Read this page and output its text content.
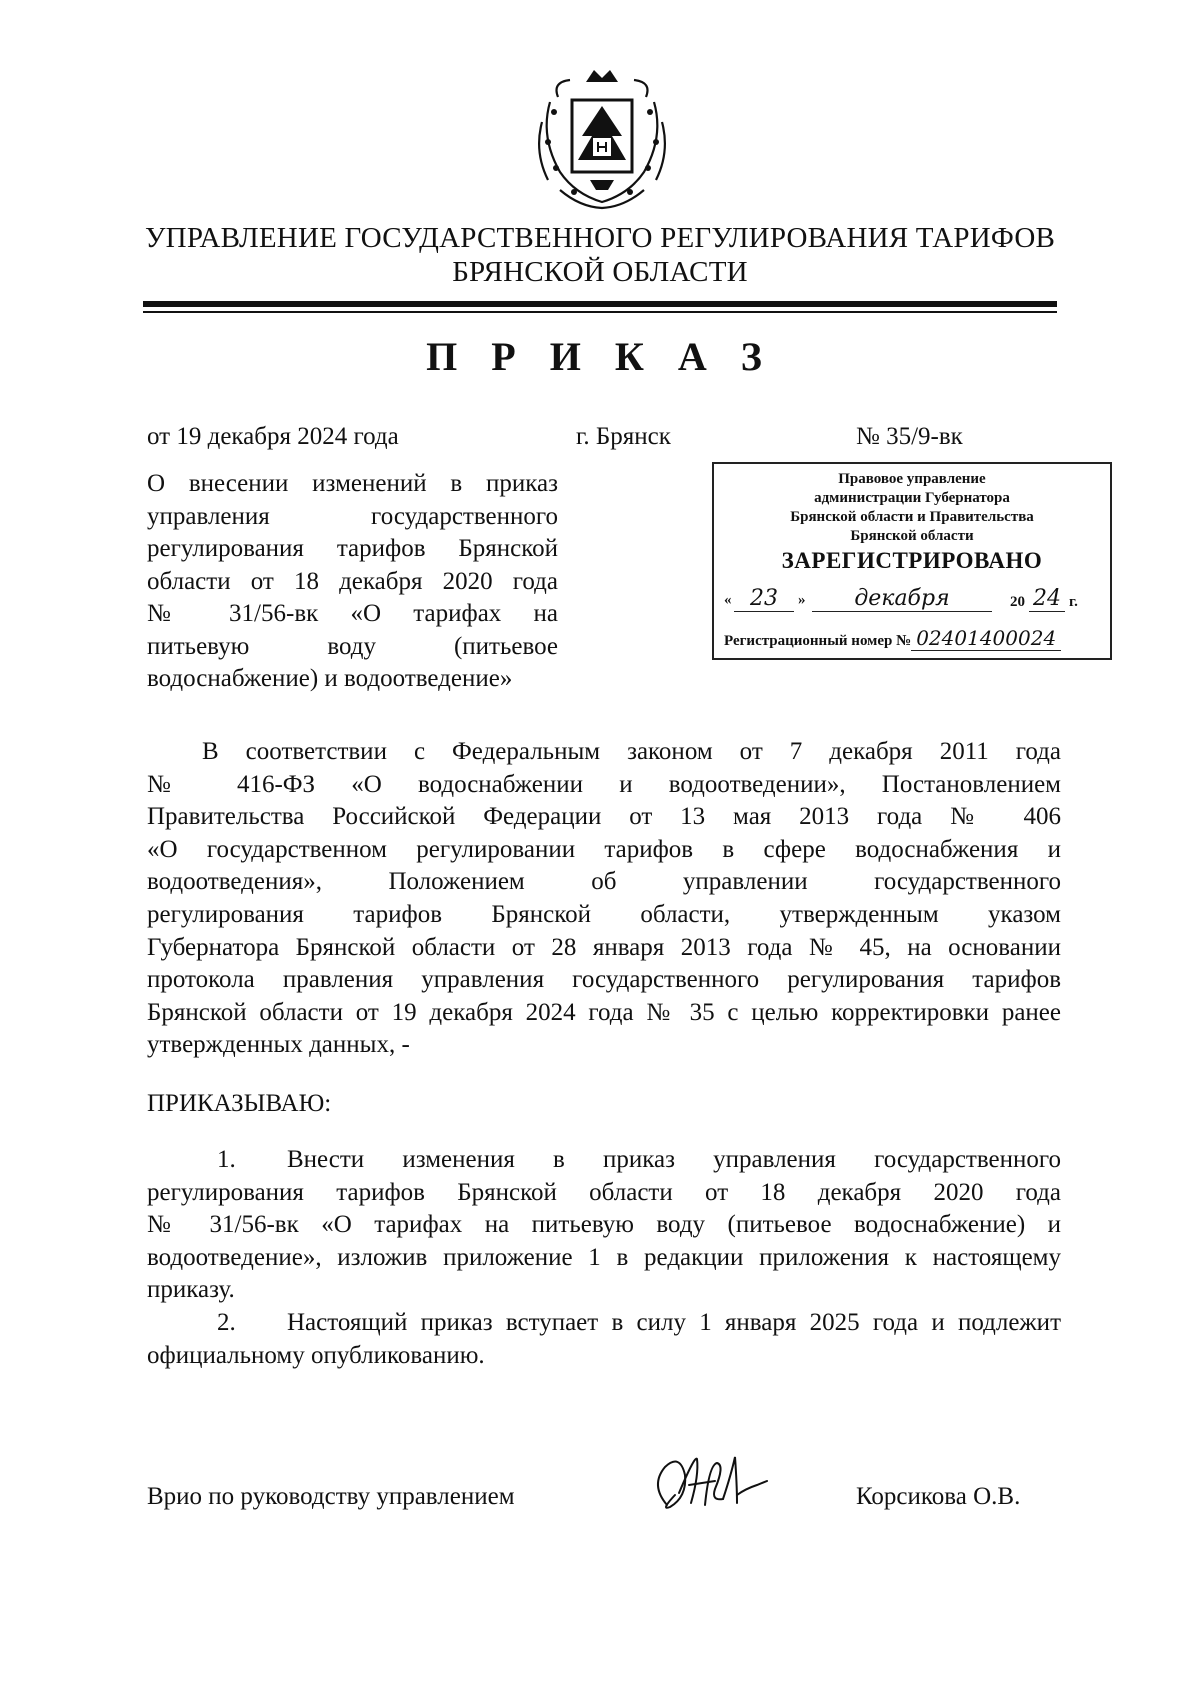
УПРАВЛЕНИЕ ГОСУДАРСТВЕННОГО РЕГУЛИРОВАНИЯ ТАРИФОВ
БРЯНСКОЙ ОБЛАСТИ
П Р И К А З
от 19 декабря 2024 года	г. Брянск	№ 35/9-вк
О внесении изменений в приказ
управления государственного
регулирования тарифов Брянской
области от 18 декабря 2020 года
№ 31/56-вк «О тарифах на
питьевую воду (питьевое
водоснабжение) и водоотведение»
Правовое управление
администрации Губернатора
Брянской области и Правительства
Брянской области
ЗАРЕГИСТРИРОВАНО
« 23	»	декабря	20 24 г.
Регистрационный номер № 02401400024
В соответствии с Федеральным законом от 7 декабря 2011 года
№ 416-ФЗ «О водоснабжении и водоотведении», Постановлением
Правительства Российской Федерации от 13 мая 2013 года № 406
«О государственном регулировании тарифов в сфере водоснабжения и
водоотведения», Положением об управлении государственного
регулирования тарифов Брянской области, утвержденным указом
Губернатора Брянской области от 28 января 2013 года № 45, на основании
протокола правления управления государственного регулирования тарифов
Брянской области от 19 декабря 2024 года № 35 с целью корректировки ранее
утвержденных данных, -
ПРИКАЗЫВАЮ:
1. Внести изменения в приказ управления государственного
регулирования тарифов Брянской области от 18 декабря 2020 года
№ 31/56-вк «О тарифах на питьевую воду (питьевое водоснабжение) и
водоотведение», изложив приложение 1 в редакции приложения к настоящему
приказу.
2. Настоящий приказ вступает в силу 1 января 2025 года и подлежит
официальному опубликованию.
Врио по руководству управлением	Корсикова О.В.
